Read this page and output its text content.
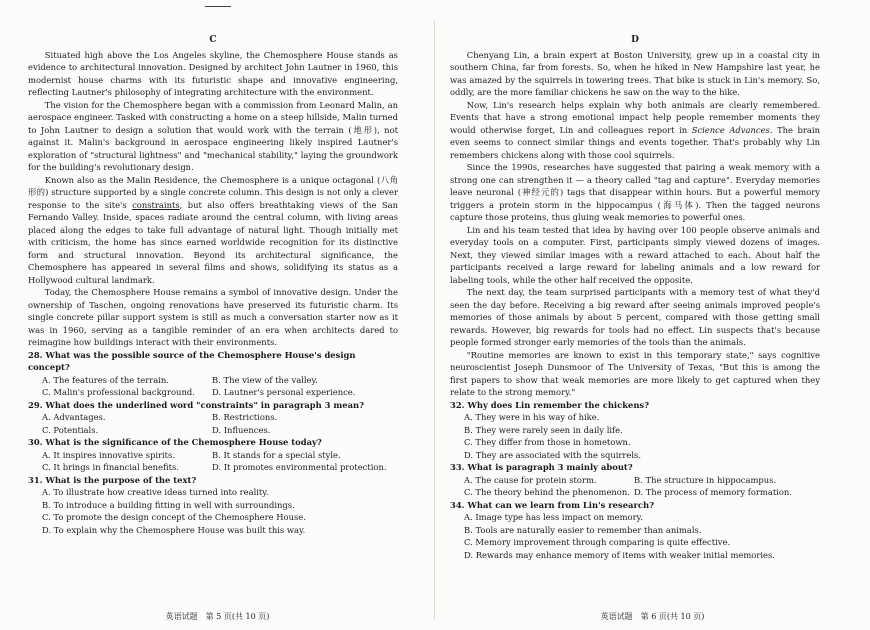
C

Situated high above the Los Angeles skyline, the Chemosphere House stands as evidence to architectural innovation. Designed by architect John Lautner in 1960, this modernist house charms with its futuristic shape and innovative engineering, reflecting Lautner's philosophy of integrating architecture with the environment.

The vision for the Chemosphere began with a commission from Leonard Malin, an aerospace engineer. Tasked with constructing a home on a steep hillside, Malin turned to John Lautner to design a solution that would work with the terrain (地形), not against it. Malin's background in aerospace engineering likely inspired Lautner's exploration of "structural lightness" and "mechanical stability," laying the groundwork for the building's revolutionary design.

Known also as the Malin Residence, the Chemosphere is a unique octagonal (八角形的) structure supported by a single concrete column. This design is not only a clever response to the site's constraints, but also offers breathtaking views of the San Fernando Valley. Inside, spaces radiate around the central column, with living areas placed along the edges to take full advantage of natural light. Though initially met with criticism, the home has since earned worldwide recognition for its distinctive form and structural innovation. Beyond its architectural significance, the Chemosphere has appeared in several films and shows, solidifying its status as a Hollywood cultural landmark.

Today, the Chemosphere House remains a symbol of innovative design. Under the ownership of Taschen, ongoing renovations have preserved its futuristic charm. Its single concrete pillar support system is still as much a conversation starter now as it was in 1960, serving as a tangible reminder of an era when architects dared to reimagine how buildings interact with their environments.

28. What was the possible source of the Chemosphere House's design concept?

A. The features of the terrain.	B. The view of the valley.
C. Malin's professional background.	D. Lautner's personal experience.

29. What does the underlined word "constraints" in paragraph 3 mean?

A. Advantages.	B. Restrictions.
C. Potentials.	D. Influences.

30. What is the significance of the Chemosphere House today?

A. It inspires innovative spirits.	B. It stands for a special style.
C. It brings in financial benefits.	D. It promotes environmental protection.

31. What is the purpose of the text?

A. To illustrate how creative ideas turned into reality.
B. To introduce a building fitting in well with surroundings.
C. To promote the design concept of the Chemosphere House.
D. To explain why the Chemosphere House was built this way.
英语试题　第 5 页(共 10 页)
D

Chenyang Lin, a brain expert at Boston University, grew up in a coastal city in southern China, far from forests. So, when he hiked in New Hampshire last year, he was amazed by the squirrels in towering trees. That bike is stuck in Lin's memory. So, oddly, are the more familiar chickens he saw on the way to the hike.

Now, Lin's research helps explain why both animals are clearly remembered. Events that have a strong emotional impact help people remember moments they would otherwise forget, Lin and colleagues report in Science Advances. The brain even seems to connect similar things and events together. That's probably why Lin remembers chickens along with those cool squirrels.

Since the 1990s, researches have suggested that pairing a weak memory with a strong one can strengthen it — a theory called "tag and capture". Everyday memories leave neuronal (神经元的) tags that disappear within hours. But a powerful memory triggers a protein storm in the hippocampus (海马体). Then the tagged neurons capture those proteins, thus gluing weak memories to powerful ones.

Lin and his team tested that idea by having over 100 people observe animals and everyday tools on a computer. First, participants simply viewed dozens of images. Next, they viewed similar images with a reward attached to each. About half the participants received a large reward for labeling animals and a low reward for labeling tools, while the other half received the opposite.

The next day, the team surprised participants with a memory test of what they'd seen the day before. Receiving a big reward after seeing animals improved people's memories of those animals by about 5 percent, compared with those getting small rewards. However, big rewards for tools had no effect. Lin suspects that's because people formed stronger early memories of the tools than the animals.

"Routine memories are known to exist in this temporary state," says cognitive neuroscientist Joseph Dunsmoor of The University of Texas, "But this is among the first papers to show that weak memories are more likely to get captured when they relate to the strong memory."

32. Why does Lin remember the chickens?

A. They were in his way of hike.
B. They were rarely seen in daily life.
C. They differ from those in hometown.
D. They are associated with the squirrels.

33. What is paragraph 3 mainly about?

A. The cause for protein storm.	B. The structure in hippocampus.
C. The theory behind the phenomenon. D. The process of memory formation.

34. What can we learn from Lin's research?

A. Image type has less impact on memory.
B. Tools are naturally easier to remember than animals.
C. Memory improvement through comparing is quite effective.
D. Rewards may enhance memory of items with weaker initial memories.
英语试题　第 6 页(共 10 页)
